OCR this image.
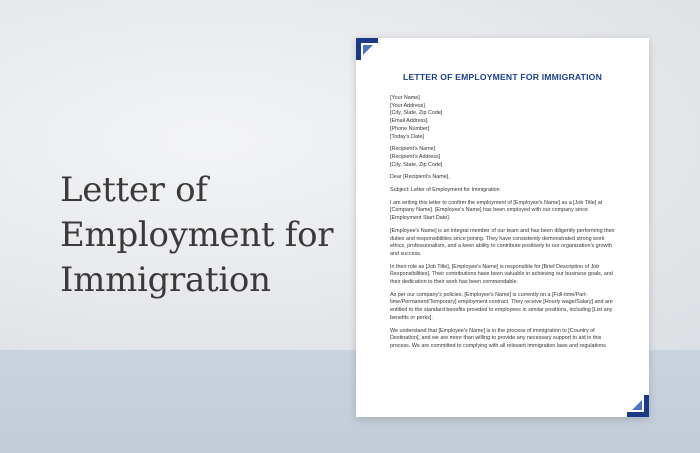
Letter of
Employment for
Immigration
LETTER OF EMPLOYMENT FOR IMMIGRATION
[Your Name]
[Your Address]
[City, State, Zip Code]
[Email Address]
[Phone Number]
[Today's Date]
[Recipient's Name]
[Recipient's Address]
[City, State, Zip Code]
Dear [Recipient's Name],
Subject: Letter of Employment for Immigration
I am writing this letter to confirm the employment of [Employee's Name] as a [Job Title] at
[Company Name]. [Employee's Name] has been employed with our company since
[Employment Start Date].
[Employee's Name] is an integral member of our team and has been diligently performing their
duties and responsibilities since joining. They have consistently demonstrated strong work
ethics, professionalism, and a keen ability to contribute positively to our organization's growth
and success.
In their role as [Job Title], [Employee's Name] is responsible for [Brief Description of Job
Responsibilities]. Their contributions have been valuable in achieving our business goals, and
their dedication to their work has been commendable.
As per our company's policies, [Employee's Name] is currently on a [Full-time/Part-
time/Permanent/Temporary] employment contract. They receive [Hourly wage/Salary] and are
entitled to the standard benefits provided to employees in similar positions, including [List any
benefits or perks].
We understand that [Employee's Name] is in the process of immigration to [Country of
Destination], and we are more than willing to provide any necessary support to aid in this
process. We are committed to complying with all relevant immigration laws and regulations
